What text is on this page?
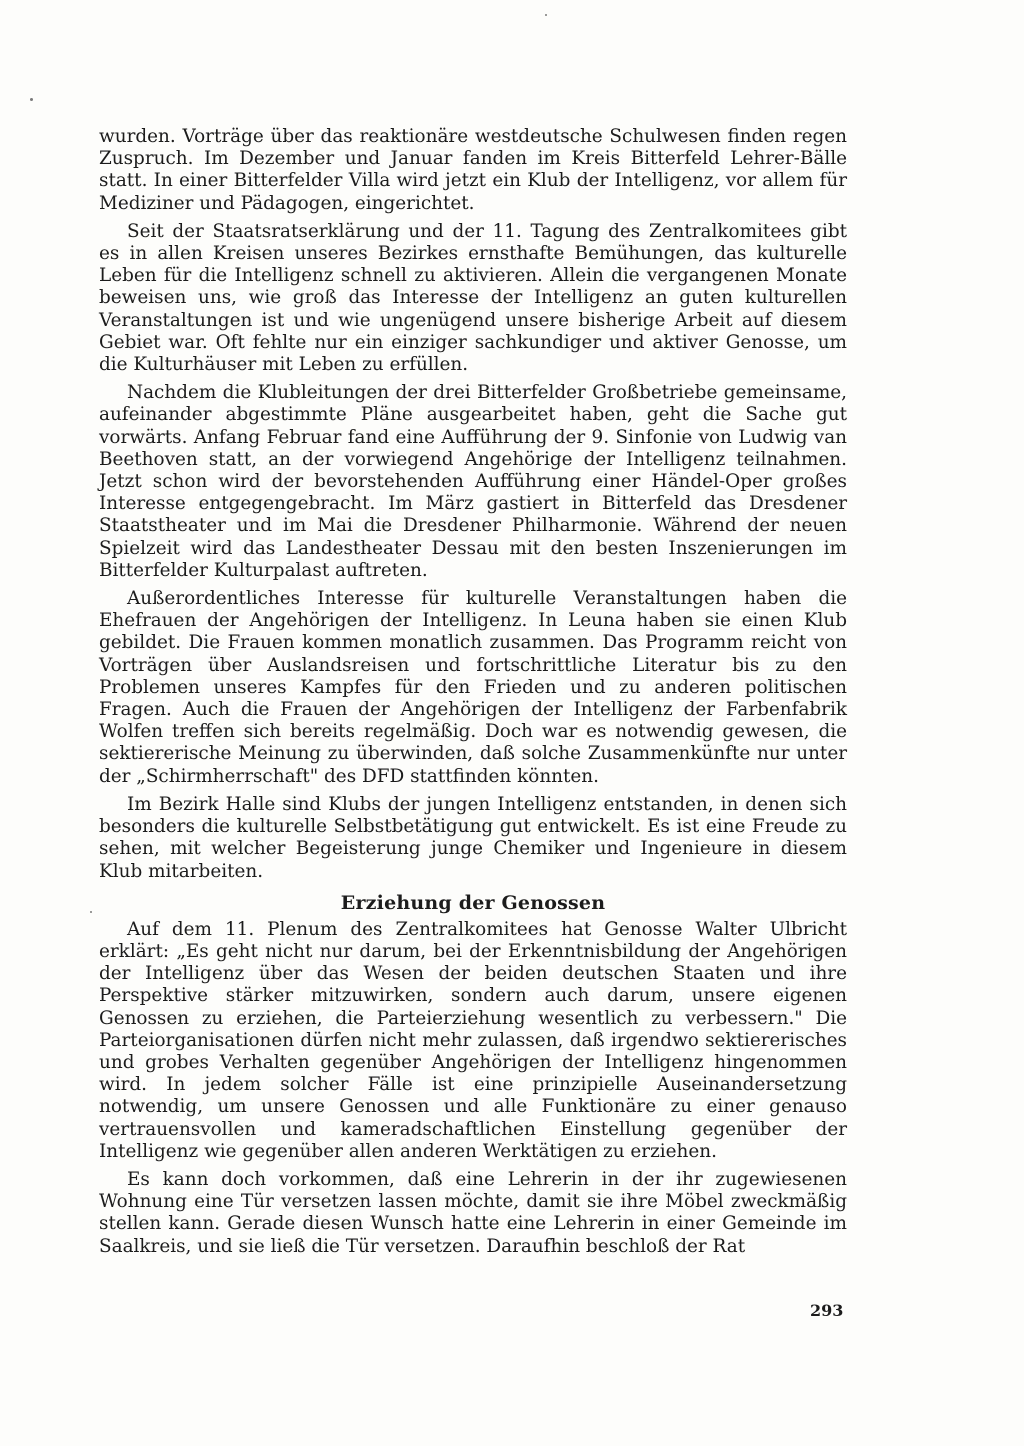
wurden. Vorträge über das reaktionäre westdeutsche Schulwesen finden regen Zuspruch. Im Dezember und Januar fanden im Kreis Bitterfeld Lehrer-Bälle statt. In einer Bitterfelder Villa wird jetzt ein Klub der Intelligenz, vor allem für Mediziner und Pädagogen, eingerichtet.

Seit der Staatsratserklärung und der 11. Tagung des Zentralkomitees gibt es in allen Kreisen unseres Bezirkes ernsthafte Bemühungen, das kulturelle Leben für die Intelligenz schnell zu aktivieren. Allein die vergangenen Monate beweisen uns, wie groß das Interesse der Intelligenz an guten kulturellen Veranstaltungen ist und wie ungenügend unsere bisherige Arbeit auf diesem Gebiet war. Oft fehlte nur ein einziger sachkundiger und aktiver Genosse, um die Kulturhäuser mit Leben zu erfüllen.

Nachdem die Klubleitungen der drei Bitterfelder Großbetriebe gemeinsame, aufeinander abgestimmte Pläne ausgearbeitet haben, geht die Sache gut vorwärts. Anfang Februar fand eine Aufführung der 9. Sinfonie von Ludwig van Beethoven statt, an der vorwiegend Angehörige der Intelligenz teilnahmen. Jetzt schon wird der bevorstehenden Aufführung einer Händel-Oper großes Interesse entgegengebracht. Im März gastiert in Bitterfeld das Dresdener Staatstheater und im Mai die Dresdener Philharmonie. Während der neuen Spielzeit wird das Landestheater Dessau mit den besten Inszenierungen im Bitterfelder Kulturpalast auftreten.

Außerordentliches Interesse für kulturelle Veranstaltungen haben die Ehefrauen der Angehörigen der Intelligenz. In Leuna haben sie einen Klub gebildet. Die Frauen kommen monatlich zusammen. Das Programm reicht von Vorträgen über Auslandsreisen und fortschrittliche Literatur bis zu den Problemen unseres Kampfes für den Frieden und zu anderen politischen Fragen. Auch die Frauen der Angehörigen der Intelligenz der Farbenfabrik Wolfen treffen sich bereits regelmäßig. Doch war es notwendig gewesen, die sektiererische Meinung zu überwinden, daß solche Zusammenkünfte nur unter der „Schirmherrschaft" des DFD stattfinden könnten.

Im Bezirk Halle sind Klubs der jungen Intelligenz entstanden, in denen sich besonders die kulturelle Selbstbetätigung gut entwickelt. Es ist eine Freude zu sehen, mit welcher Begeisterung junge Chemiker und Ingenieure in diesem Klub mitarbeiten.

Erziehung der Genossen

Auf dem 11. Plenum des Zentralkomitees hat Genosse Walter Ulbricht erklärt: „Es geht nicht nur darum, bei der Erkenntnisbildung der Angehörigen der Intelligenz über das Wesen der beiden deutschen Staaten und ihre Perspektive stärker mitzuwirken, sondern auch darum, unsere eigenen Genossen zu erziehen, die Parteierziehung wesentlich zu verbessern." Die Parteiorganisationen dürfen nicht mehr zulassen, daß irgendwo sektiererisches und grobes Verhalten gegenüber Angehörigen der Intelligenz hingenommen wird. In jedem solcher Fälle ist eine prinzipielle Auseinandersetzung notwendig, um unsere Genossen und alle Funktionäre zu einer genauso vertrauensvollen und kameradschaftlichen Einstellung gegenüber der Intelligenz wie gegenüber allen anderen Werktätigen zu erziehen.

Es kann doch vorkommen, daß eine Lehrerin in der ihr zugewiesenen Wohnung eine Tür versetzen lassen möchte, damit sie ihre Möbel zweckmäßig stellen kann. Gerade diesen Wunsch hatte eine Lehrerin in einer Gemeinde im Saalkreis, und sie ließ die Tür versetzen. Daraufhin beschloß der Rat

293
